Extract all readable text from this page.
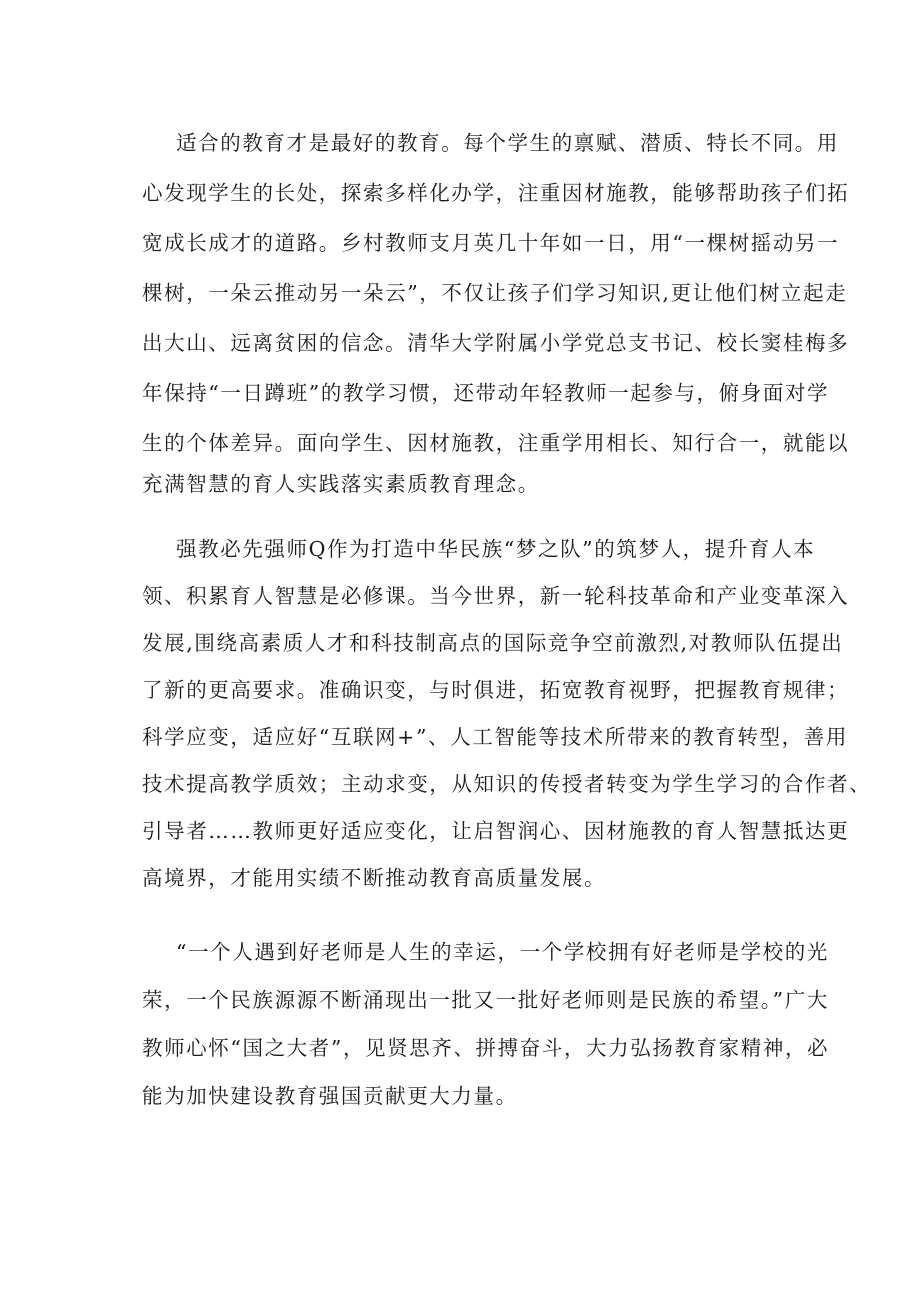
适合的教育才是最好的教育。每个学生的禀赋、潜质、特长不同。用
心发现学生的长处，探索多样化办学，注重因材施教，能够帮助孩子们拓
宽成长成才的道路。乡村教师支月英几十年如一日，用“一棵树摇动另一
棵树，一朵云推动另一朵云”，不仅让孩子们学习知识,更让他们树立起走
出大山、远离贫困的信念。清华大学附属小学党总支书记、校长窦桂梅多
年保持“一日蹲班”的教学习惯，还带动年轻教师一起参与，俯身面对学
生的个体差异。面向学生、因材施教，注重学用相长、知行合一，就能以
充满智慧的育人实践落实素质教育理念。
强教必先强师Q作为打造中华民族“梦之队”的筑梦人，提升育人本
领、积累育人智慧是必修课。当今世界，新一轮科技革命和产业变革深入
发展,围绕高素质人才和科技制高点的国际竞争空前激烈,对教师队伍提出
了新的更高要求。准确识变，与时俱进，拓宽教育视野，把握教育规律；
科学应变，适应好“互联网+”、人工智能等技术所带来的教育转型，善用
技术提高教学质效；主动求变，从知识的传授者转变为学生学习的合作者、
引导者……教师更好适应变化，让启智润心、因材施教的育人智慧抵达更
高境界，才能用实绩不断推动教育高质量发展。
“一个人遇到好老师是人生的幸运，一个学校拥有好老师是学校的光
荣，一个民族源源不断涌现出一批又一批好老师则是民族的希望。”广大
教师心怀“国之大者”，见贤思齐、拼搏奋斗，大力弘扬教育家精神，必
能为加快建设教育强国贡献更大力量。
